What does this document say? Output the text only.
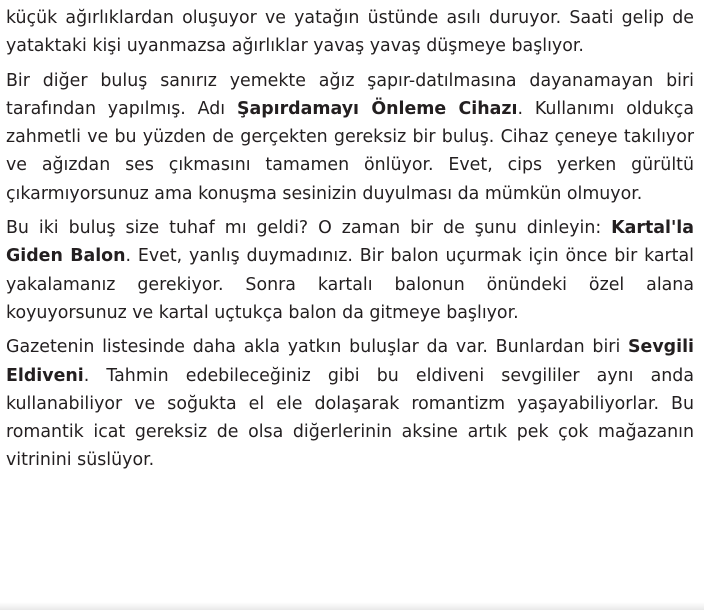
küçük ağırlıklardan oluşuyor ve yatağın üstünde asılı duruyor. Saati gelip de yataktaki kişi uyanmazsa ağırlıklar yavaş yavaş düşmeye başlıyor.

Bir diğer buluş sanırız yemekte ağız şapır-datılmasına dayanamayan biri tarafından yapılmış. Adı Şapırdamayı Önleme Cihazı. Kullanımı oldukça zahmetli ve bu yüzden de gerçekten gereksiz bir buluş. Cihaz çeneye takılıyor ve ağızdan ses çıkmasını tamamen önlüyor. Evet, cips yerken gürültü çıkarmıyorsunuz ama konuşma sesinizin duyulması da mümkün olmuyor.

Bu iki buluş size tuhaf mı geldi? O zaman bir de şunu dinleyin: Kartal'la Giden Balon. Evet, yanlış duymadınız. Bir balon uçurmak için önce bir kartal yakalamanız gerekiyor. Sonra kartalı balonun önündeki özel alana koyuyorsunuz ve kartal uçtukça balon da gitmeye başlıyor.

Gazetenin listesinde daha akla yatkın buluşlar da var. Bunlardan biri Sevgili Eldiveni. Tahmin edebileceğiniz gibi bu eldiveni sevgililer aynı anda kullanabiliyor ve soğukta el ele dolaşarak romantizm yaşayabiliyorlar. Bu romantik icat gereksiz de olsa diğerlerinin aksine artık pek çok mağazanın vitrinini süslüyor.
